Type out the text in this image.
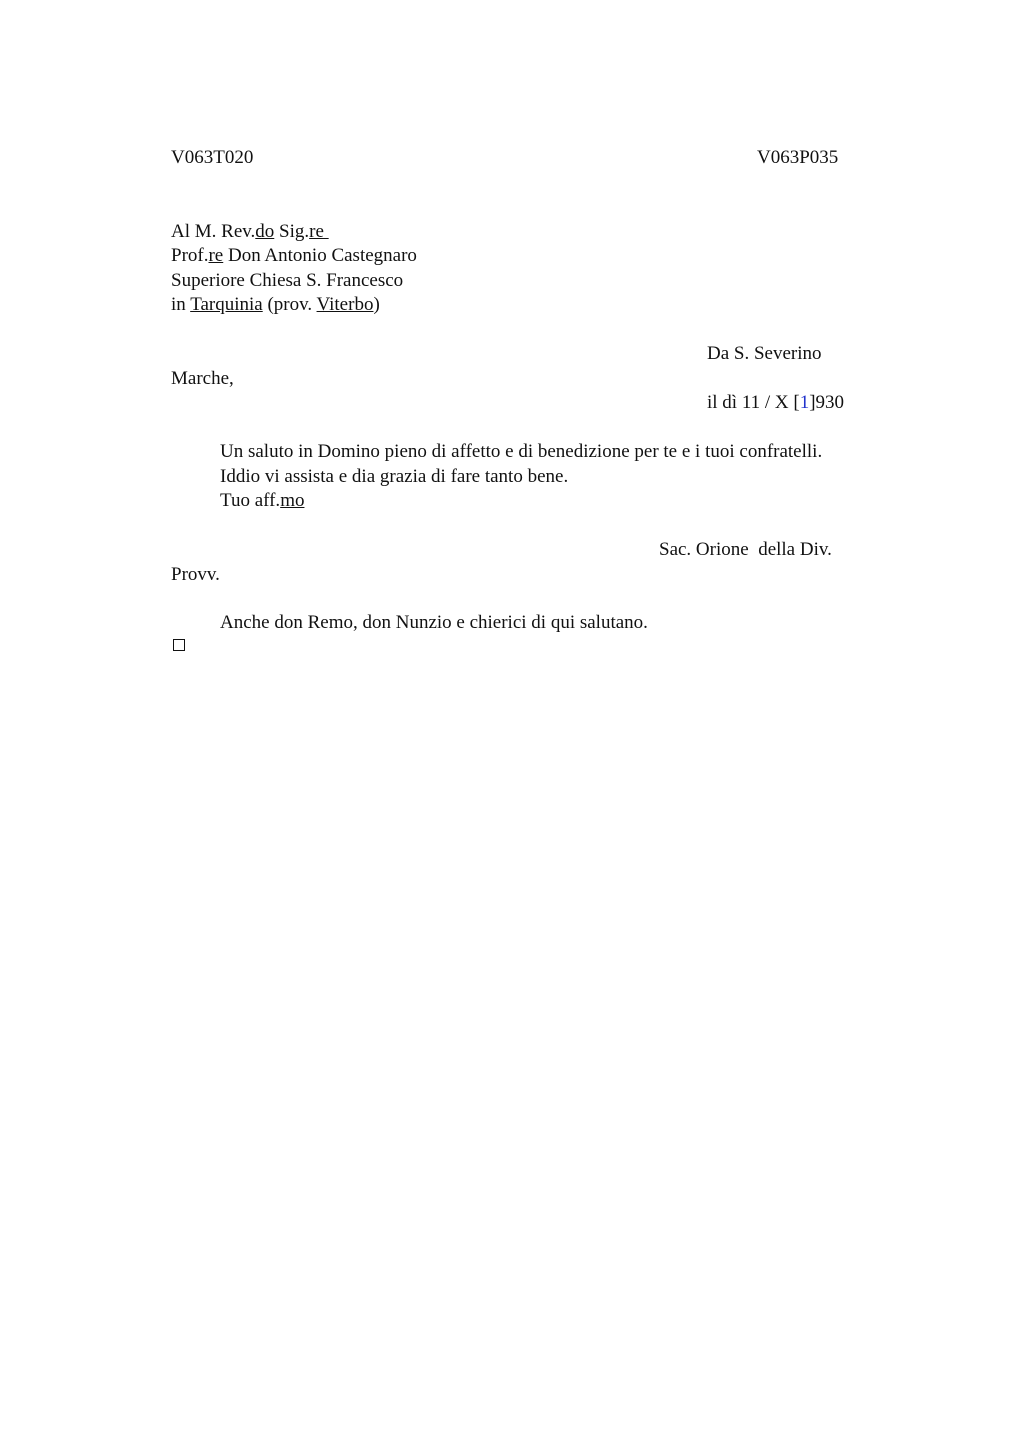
V063T020	V063P035
Al M. Rev.do Sig.re
Prof.re Don Antonio Castegnaro
Superiore Chiesa S. Francesco
in Tarquinia (prov. Viterbo)
Da S. Severino
Marche,
il dì 11 / X [1]930
Un saluto in Domino pieno di affetto e di benedizione per te e i tuoi confratelli.
Iddio vi assista e dia grazia di fare tanto bene.
Tuo aff.mo
Sac. Orione  della Div.
Provv.
Anche don Remo, don Nunzio e chierici di qui salutano.
